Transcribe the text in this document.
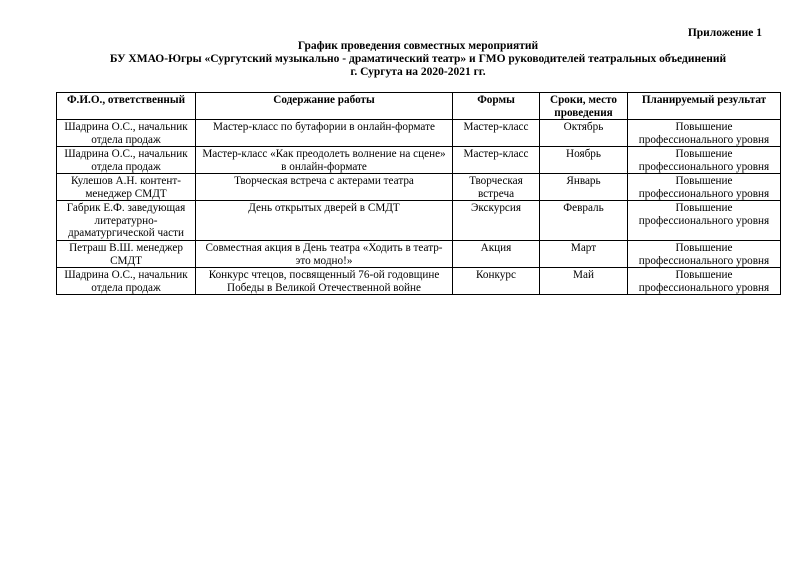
Приложение 1
График проведения совместных мероприятий
БУ ХМАО-Югры «Сургутский музыкально - драматический театр» и ГМО руководителей театральных объединений
г. Сургута на 2020-2021 гг.
Ф.И.О., ответственный	Содержание работы	Формы	Сроки, место проведения	Планируемый результат
Шадрина О.С., начальник отдела продаж	Мастер-класс по бутафории в онлайн-формате	Мастер-класс	Октябрь	Повышение профессионального уровня
Шадрина О.С., начальник отдела продаж	Мастер-класс «Как преодолеть волнение на сцене» в онлайн-формате	Мастер-класс	Ноябрь	Повышение профессионального уровня
Кулешов А.Н. контент-менеджер СМДТ	Творческая встреча с актерами театра	Творческая встреча	Январь	Повышение профессионального уровня
Габрик Е.Ф. заведующая литературно-драматургической части	День открытых дверей в СМДТ	Экскурсия	Февраль	Повышение профессионального уровня
Петраш В.Ш. менеджер СМДТ	Совместная акция в День театра «Ходить в театр-это модно!»	Акция	Март	Повышение профессионального уровня
Шадрина О.С., начальник отдела продаж	Конкурс чтецов, посвященный 76-ой годовщине Победы в Великой Отечественной войне	Конкурс	Май	Повышение профессионального уровня
